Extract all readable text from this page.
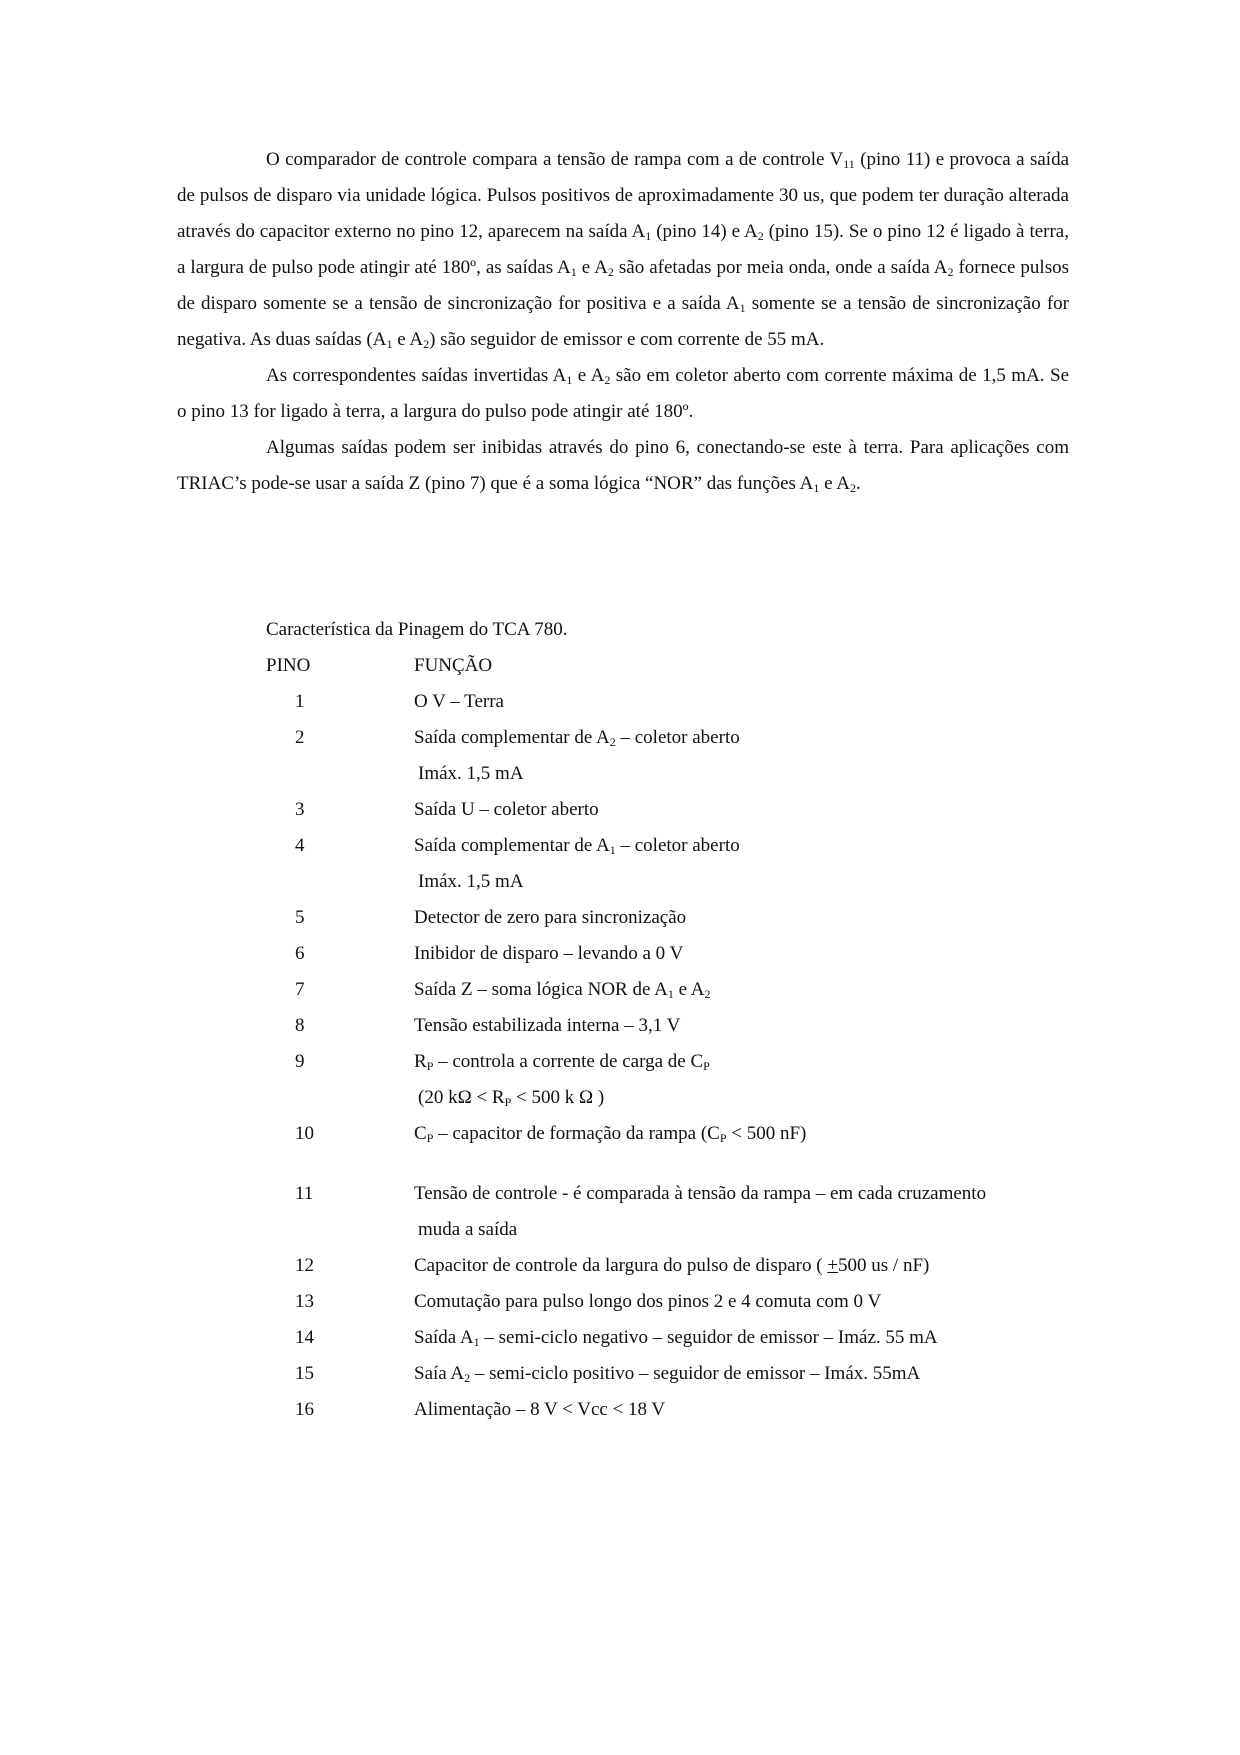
O comparador de controle compara a tensão de rampa com a de controle $V_{11}$ (pino 11) e provoca a saída de pulsos de disparo via unidade lógica. Pulsos positivos de aproximadamente 30 us, que podem ter duração alterada através do capacitor externo no pino 12, aparecem na saída $A_1$ (pino 14) e $A_2$ (pino 15). Se o pino 12 é ligado à terra, a largura de pulso pode atingir até 180º, as saídas $A_1$ e $A_2$ são afetadas por meia onda, onde a saída $A_2$ fornece pulsos de disparo somente se a tensão de sincronização for positiva e a saída $A_1$ somente se a tensão de sincronização for negativa. As duas saídas ($A_1$ e $A_2$) são seguidor de emissor e com corrente de 55 mA.

As correspondentes saídas invertidas $A_1$ e $A_2$ são em coletor aberto com corrente máxima de 1,5 mA. Se o pino 13 for ligado à terra, a largura do pulso pode atingir até 180º.

Algumas saídas podem ser inibidas através do pino 6, conectando-se este à terra. Para aplicações com TRIAC’s pode-se usar a saída Z (pino 7) que é a soma lógica “NOR” das funções $A_1$ e $A_2$.

Característica da Pinagem do TCA 780.
PINO	FUNÇÃO
1	O V – Terra
2	Saída complementar de $A_2$ – coletor aberto
Imáx. 1,5 mA
3	Saída U – coletor aberto
4	Saída complementar de $A_1$ – coletor aberto
Imáx. 1,5 mA
5	Detector de zero para sincronização
6	Inibidor de disparo – levando a 0 V
7	Saída Z – soma lógica NOR de $A_1$ e $A_2$
8	Tensão estabilizada interna – 3,1 V
9	$R_P$ – controla a corrente de carga de $C_P$
(20 $k\Omega < R_P < 500$ k Ω )
10	$C_P$ – capacitor de formação da rampa ($C_P < 500$ nF)
11	Tensão de controle - é comparada à tensão da rampa – em cada cruzamento
muda a saída
12	Capacitor de controle da largura do pulso de disparo ( +500 us / nF)
13	Comutação para pulso longo dos pinos 2 e 4 comuta com 0 V
14	Saída $A_1$ – semi-ciclo negativo – seguidor de emissor – Imáz. 55 mA
15	Saía $A_2$ – semi-ciclo positivo – seguidor de emissor – Imáx. 55mA
16	Alimentação – 8 V < Vcc < 18 V
